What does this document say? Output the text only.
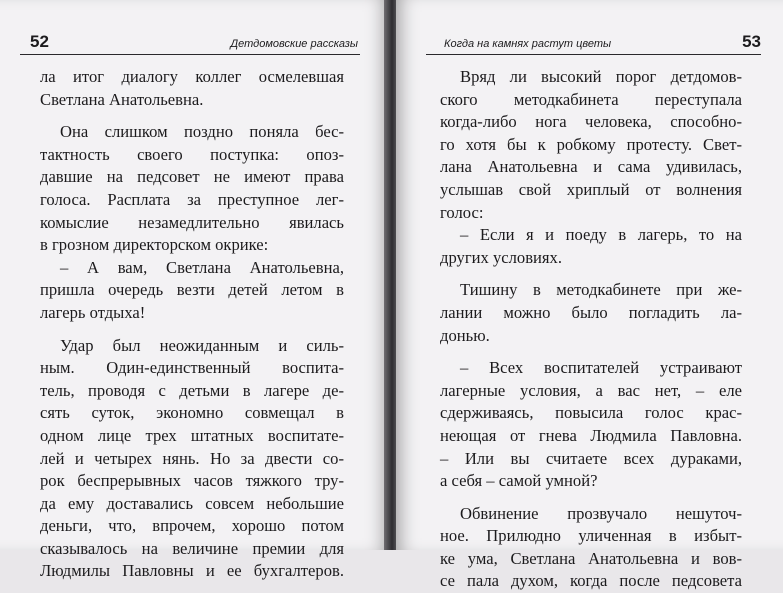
52	Детдомовские рассказы
ла итог диалогу коллег осмелевшая
Светлана Анатольевна.
Она слишком поздно поняла бес-
тактность своего поступка: опоз-
давшие на педсовет не имеют права
голоса. Расплата за преступное лег-
комыслие незамедлительно явилась
в грозном директорском окрике:
– А вам, Светлана Анатольевна,
пришла очередь везти детей летом в
лагерь отдыха!
Удар был неожиданным и силь-
ным. Один-единственный воспита-
тель, проводя с детьми в лагере де-
сять суток, экономно совмещал в
одном лице трех штатных воспитате-
лей и четырех нянь. Но за двести со-
рок беспрерывных часов тяжкого тру-
да ему доставались совсем небольшие
деньги, что, впрочем, хорошо потом
сказывалось на величине премии для
Людмилы Павловны и ее бухгалтеров.
Когда на камнях растут цветы	53
Вряд ли высокий порог детдомов-
ского методкабинета переступала
когда-либо нога человека, способно-
го хотя бы к робкому протесту. Свет-
лана Анатольевна и сама удивилась,
услышав свой хриплый от волнения
голос:
– Если я и поеду в лагерь, то на
других условиях.
Тишину в методкабинете при же-
лании можно было погладить ла-
донью.
– Всех воспитателей устраивают
лагерные условия, а вас нет, – еле
сдерживаясь, повысила голос крас-
неющая от гнева Людмила Павловна.
– Или вы считаете всех дураками,
а себя – самой умной?
Обвинение прозвучало нешуточ-
ное. Прилюдно уличенная в избыт-
ке ума, Светлана Анатольевна и вов-
се пала духом, когда после педсовета
